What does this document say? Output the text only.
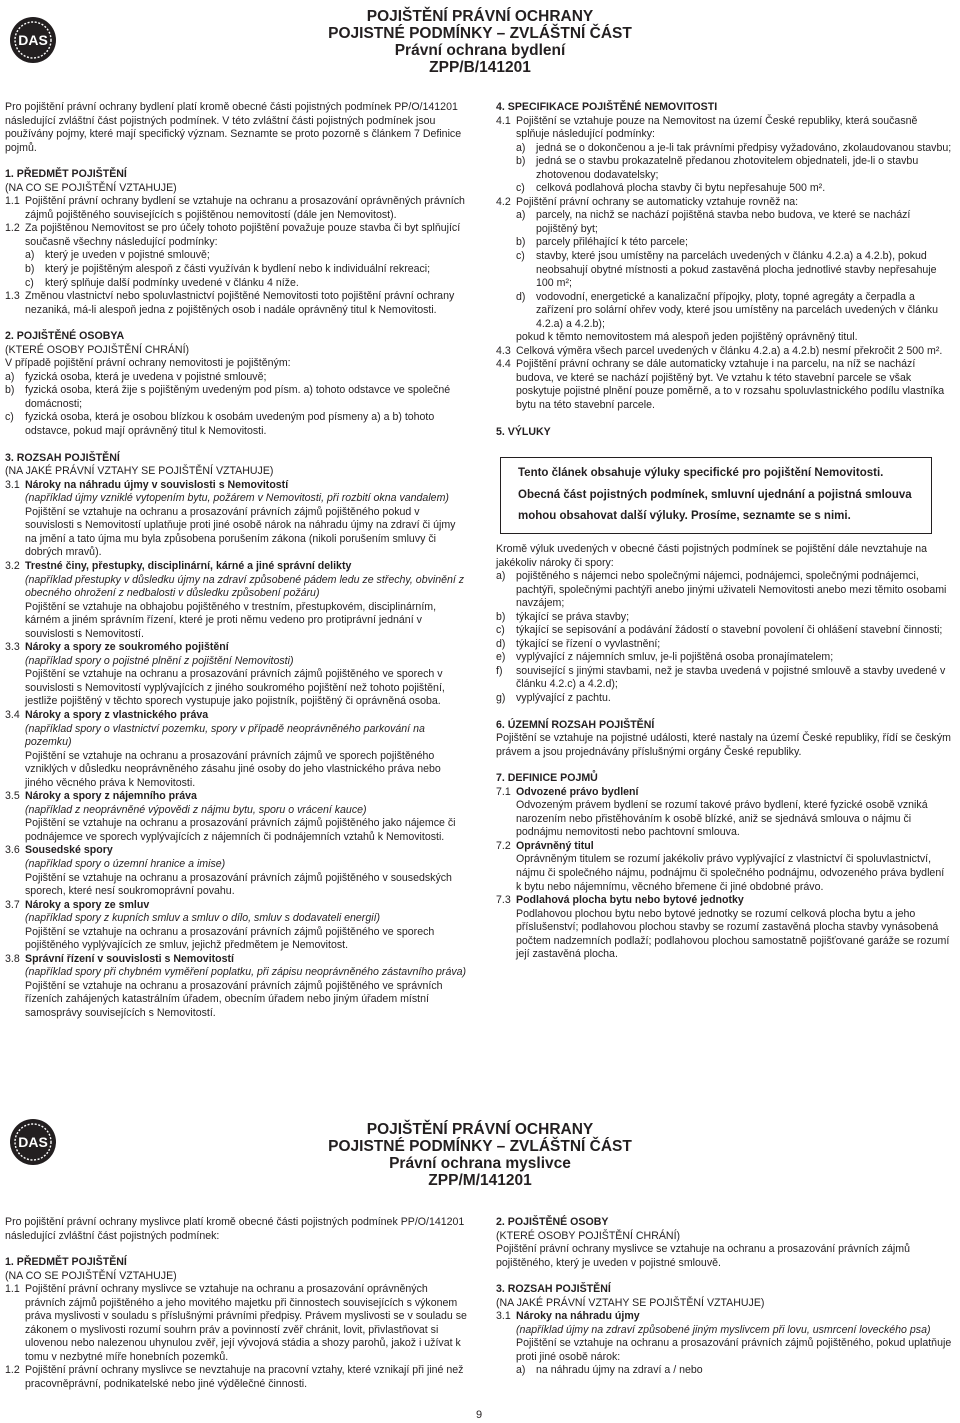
DAS
POJIŠTĚNÍ PRÁVNÍ OCHRANY
POJISTNÉ PODMÍNKY – ZVLÁŠTNÍ ČÁST
Právní ochrana bydlení
ZPP/B/141201

Pro pojištění právní ochrany bydlení platí kromě obecné části pojistných podmínek PP/O/141201 následující zvláštní část pojistných podmínek. V této zvláštní části pojistných podmínek jsou používány pojmy, které mají specifický význam. Seznamte se proto pozorně s článkem 7 Definice pojmů.

1. PŘEDMĚT POJIŠTĚNÍ

(NA CO SE POJIŠTĚNÍ VZTAHUJE)

1.1 Pojištění právní ochrany bydlení se vztahuje na ochranu a prosazování oprávněných právních zájmů pojištěného souvisejících s pojištěnou nemovitostí (dále jen Nemovitost).
1.2 Za pojištěnou Nemovitost se pro účely tohoto pojištění považuje pouze stavba či byt splňující současně všechny následující podmínky:
a) který je uveden v pojistné smlouvě;
b) který je pojištěným alespoň z části využíván k bydlení nebo k individuální rekreaci;
c) který splňuje další podmínky uvedené v článku 4 níže.
1.3 Změnou vlastnictví nebo spoluvlastnictví pojištěné Nemovitosti toto pojištění právní ochrany nezaniká, má-li alespoň jedna z pojištěných osob i nadále oprávněný titul k Nemovitosti.

2. POJIŠTĚNÉ OSOBYA

(KTERÉ OSOBY POJIŠTĚNÍ CHRÁNÍ)

V případě pojištění právní ochrany nemovitosti je pojištěným:

a) fyzická osoba, která je uvedena v pojistné smlouvě;
b) fyzická osoba, která žije s pojištěným uvedeným pod písm. a) tohoto odstavce ve společné domácnosti;
c) fyzická osoba, která je osobou blízkou k osobám uvedeným pod písmeny a) a b) tohoto odstavce, pokud mají oprávněný titul k Nemovitosti.

3. ROZSAH POJIŠTĚNÍ

(NA JAKÉ PRÁVNÍ VZTAHY SE POJIŠTĚNÍ VZTAHUJE)

3.1 Nároky na náhradu újmy v souvislosti s Nemovitostí
(například újmy vzniklé vytopením bytu, požárem v Nemovitosti, při rozbití okna vandalem)
Pojištění se vztahuje na ochranu a prosazování právních zájmů pojištěného pokud v souvislosti s Nemovitostí uplatňuje proti jiné osobě nárok na náhradu újmy na zdraví či újmy na jmění a tato újma mu byla způsobena porušením zákona (nikoli porušením smluvy či dobrých mravů).
3.2 Trestné činy, přestupky, disciplinární, kárné a jiné správní delikty
(například přestupky v důsledku újmy na zdraví způsobené pádem ledu ze střechy, obvinění z obecného ohrožení z nedbalosti v důsledku způsobení požáru)
Pojištění se vztahuje na obhajobu pojištěného v trestním, přestupkovém, disciplinárním, kárném a jiném správním řízení, které je proti němu vedeno pro protiprávní jednání v souvislosti s Nemovitostí.
3.3 Nároky a spory ze soukromého pojištění
(například spory o pojistné plnění z pojištění Nemovitosti)
Pojištění se vztahuje na ochranu a prosazování právních zájmů pojištěného ve sporech v souvislosti s Nemovitostí vyplývajících z jiného soukromého pojištění než tohoto pojištění, jestliže pojištěný v těchto sporech vystupuje jako pojistník, pojištěný či oprávněná osoba.
3.4 Nároky a spory z vlastnického práva
(například spory o vlastnictví pozemku, spory v případě neoprávněného parkování na pozemku)
Pojištění se vztahuje na ochranu a prosazování právních zájmů ve sporech pojištěného vzniklých v důsledku neoprávněného zásahu jiné osoby do jeho vlastnického práva nebo jiného věcného práva k Nemovitosti.
3.5 Nároky a spory z nájemního práva
(například z neoprávněné výpovědi z nájmu bytu, sporu o vrácení kauce)
Pojištění se vztahuje na ochranu a prosazování právních zájmů pojištěného jako nájemce či podnájemce ve sporech vyplývajících z nájemních či podnájemních vztahů k Nemovitosti.
3.6 Sousedské spory
(například spory o územní hranice a imise)
Pojištění se vztahuje na ochranu a prosazování právních zájmů pojištěného v sousedských sporech, které nesí soukromoprávní povahu.
3.7 Nároky a spory ze smluv
(například spory z kupních smluv a smluv o dílo, smluv s dodavateli energií)
Pojištění se vztahuje na ochranu a prosazování právních zájmů pojištěného ve sporech pojištěného vyplývajících ze smluv, jejichž předmětem je Nemovitost.
3.8 Správní řízení v souvislosti s Nemovitostí
(například spory při chybném vyměření poplatku, při zápisu neoprávněného zástavního práva)
Pojištění se vztahuje na ochranu a prosazování právních zájmů pojištěného ve správních řízeních zahájených katastrálním úřadem, obecním úřadem nebo jiným úřadem místní samosprávy souvisejících s Nemovitostí.

4. SPECIFIKACE POJIŠTĚNÉ NEMOVITOSTI

4.1 Pojištění se vztahuje pouze na Nemovitost na území České republiky, která současně splňuje následující podmínky:
a) jedná se o dokončenou a je-li tak právními předpisy vyžadováno, zkolaudovanou stavbu;
b) jedná se o stavbu prokazatelně předanou zhotovitelem objednateli, jde-li o stavbu zhotovenou dodavatelsky;
c) celková podlahová plocha stavby či bytu nepřesahuje 500 m².
4.2 Pojištění právní ochrany se automaticky vztahuje rovněž na:
a) parcely, na nichž se nachází pojištěná stavba nebo budova, ve které se nachází pojištěný byt;
b) parcely přiléhající k této parcele;
c) stavby, které jsou umístěny na parcelách uvedených v článku 4.2.a) a 4.2.b), pokud neobsahují obytné místnosti a pokud zastavěná plocha jednotlivé stavby nepřesahuje 100 m²;
d) vodovodní, energetické a kanalizační přípojky, ploty, topné agregáty a čerpadla a zařízení pro solární ohřev vody, které jsou umístěny na parcelách uvedených v článku 4.2.a) a 4.2.b);

pokud k těmto nemovitostem má alespoň jeden pojištěný oprávněný titul.

4.3 Celková výměra všech parcel uvedených v článku 4.2.a) a 4.2.b) nesmí překročit 2 500 m².
4.4 Pojištění právní ochrany se dále automaticky vztahuje i na parcelu, na níž se nachází budova, ve které se nachází pojištěný byt. Ve vztahu k této stavební parcele se však poskytuje pojistné plnění pouze poměrně, a to v rozsahu spoluvlastnického podílu vlastníka bytu na této stavební parcele.

5. VÝLUKY

Tento článek obsahuje výluky specifické pro pojištění Nemovitosti.
Obecná část pojistných podmínek, smluvní ujednání a pojistná smlouva
mohou obsahovat další výluky. Prosíme, seznamte se s nimi.

Kromě výluk uvedených v obecné části pojistných podmínek se pojištění dále nevztahuje na jakékoliv nároky či spory:

a) pojištěného s nájemci nebo společnými nájemci, podnájemci, společnými podnájemci, pachtýři, společnými pachtýři anebo jinými uživateli Nemovitosti anebo mezi těmito osobami navzájem;
b) týkající se práva stavby;
c) týkající se sepisování a podávání žádostí o stavební povolení či ohlášení stavební činnosti;
d) týkající se řízení o vyvlastnění;
e) vyplývající z nájemních smluv, je-li pojištěná osoba pronajímatelem;
f) související s jinými stavbami, než je stavba uvedená v pojistné smlouvě a stavby uvedené v článku 4.2.c) a 4.2.d);
g) vyplývající z pachtu.

6. ÚZEMNÍ ROZSAH POJIŠTĚNÍ

Pojištění se vztahuje na pojistné události, které nastaly na území České republiky, řídí se českým právem a jsou projednávány příslušnými orgány České republiky.

7. DEFINICE POJMŮ

7.1 Odvozené právo bydlení
Odvozeným právem bydlení se rozumí takové právo bydlení, které fyzické osobě vzniká narozením nebo přistěhováním k osobě blízké, aniž se sjednává smlouva o nájmu či podnájmu nemovitosti nebo pachtovní smlouva.
7.2 Oprávněný titul
Oprávněným titulem se rozumí jakékoliv právo vyplývající z vlastnictví či spoluvlastnictví, nájmu či společného nájmu, podnájmu či společného podnájmu, odvozeného práva bydlení k bytu nebo nájemnímu, věcného břemene či jiné obdobné právo.
7.3 Podlahová plocha bytu nebo bytové jednotky
Podlahovou plochou bytu nebo bytové jednotky se rozumí celková plocha bytu a jeho příslušenství; podlahovou plochou stavby se rozumí zastavěná plocha stavby vynásobená počtem nadzemních podlaží; podlahovou plochou samostatně pojišťované garáže se rozumí její zastavěná plocha.
DAS
POJIŠTĚNÍ PRÁVNÍ OCHRANY
POJISTNÉ PODMÍNKY – ZVLÁŠTNÍ ČÁST
Právní ochrana myslivce
ZPP/M/141201

Pro pojištění právní ochrany myslivce platí kromě obecné části pojistných podmínek PP/O/141201 následující zvláštní část pojistných podmínek:

1. PŘEDMĚT POJIŠTĚNÍ

(NA CO SE POJIŠTĚNÍ VZTAHUJE)

1.1 Pojištění právní ochrany myslivce se vztahuje na ochranu a prosazování oprávněných právních zájmů pojištěného a jeho movitého majetku při činnostech souvisejících s výkonem práva myslivosti v souladu s příslušnými právními předpisy. Právem myslivosti se v souladu se zákonem o myslivosti rozumí souhrn práv a povinností zvěř chránit, lovit, přivlastňovat si ulovenou nebo nalezenou uhynulou zvěř, její vývojová stádia a shozy parohů, jakož i užívat k tomu v nezbytné míře honebních pozemků.
1.2 Pojištění právní ochrany myslivce se nevztahuje na pracovní vztahy, které vznikají při jiné než pracovněprávní, podnikatelské nebo jiné výdělečné činnosti.

2. POJIŠTĚNÉ OSOBY

(KTERÉ OSOBY POJIŠTĚNÍ CHRÁNÍ)

Pojištění právní ochrany myslivce se vztahuje na ochranu a prosazování právních zájmů pojištěného, který je uveden v pojistné smlouvě.

3. ROZSAH POJIŠTĚNÍ

(NA JAKÉ PRÁVNÍ VZTAHY SE POJIŠTĚNÍ VZTAHUJE)

3.1 Nároky na náhradu újmy
(například újmy na zdraví způsobené jiným myslivcem při lovu, usmrcení loveckého psa)
Pojištění se vztahuje na ochranu a prosazování právních zájmů pojištěného, pokud uplatňuje proti jiné osobě nárok:
a) na náhradu újmy na zdraví a / nebo
9
